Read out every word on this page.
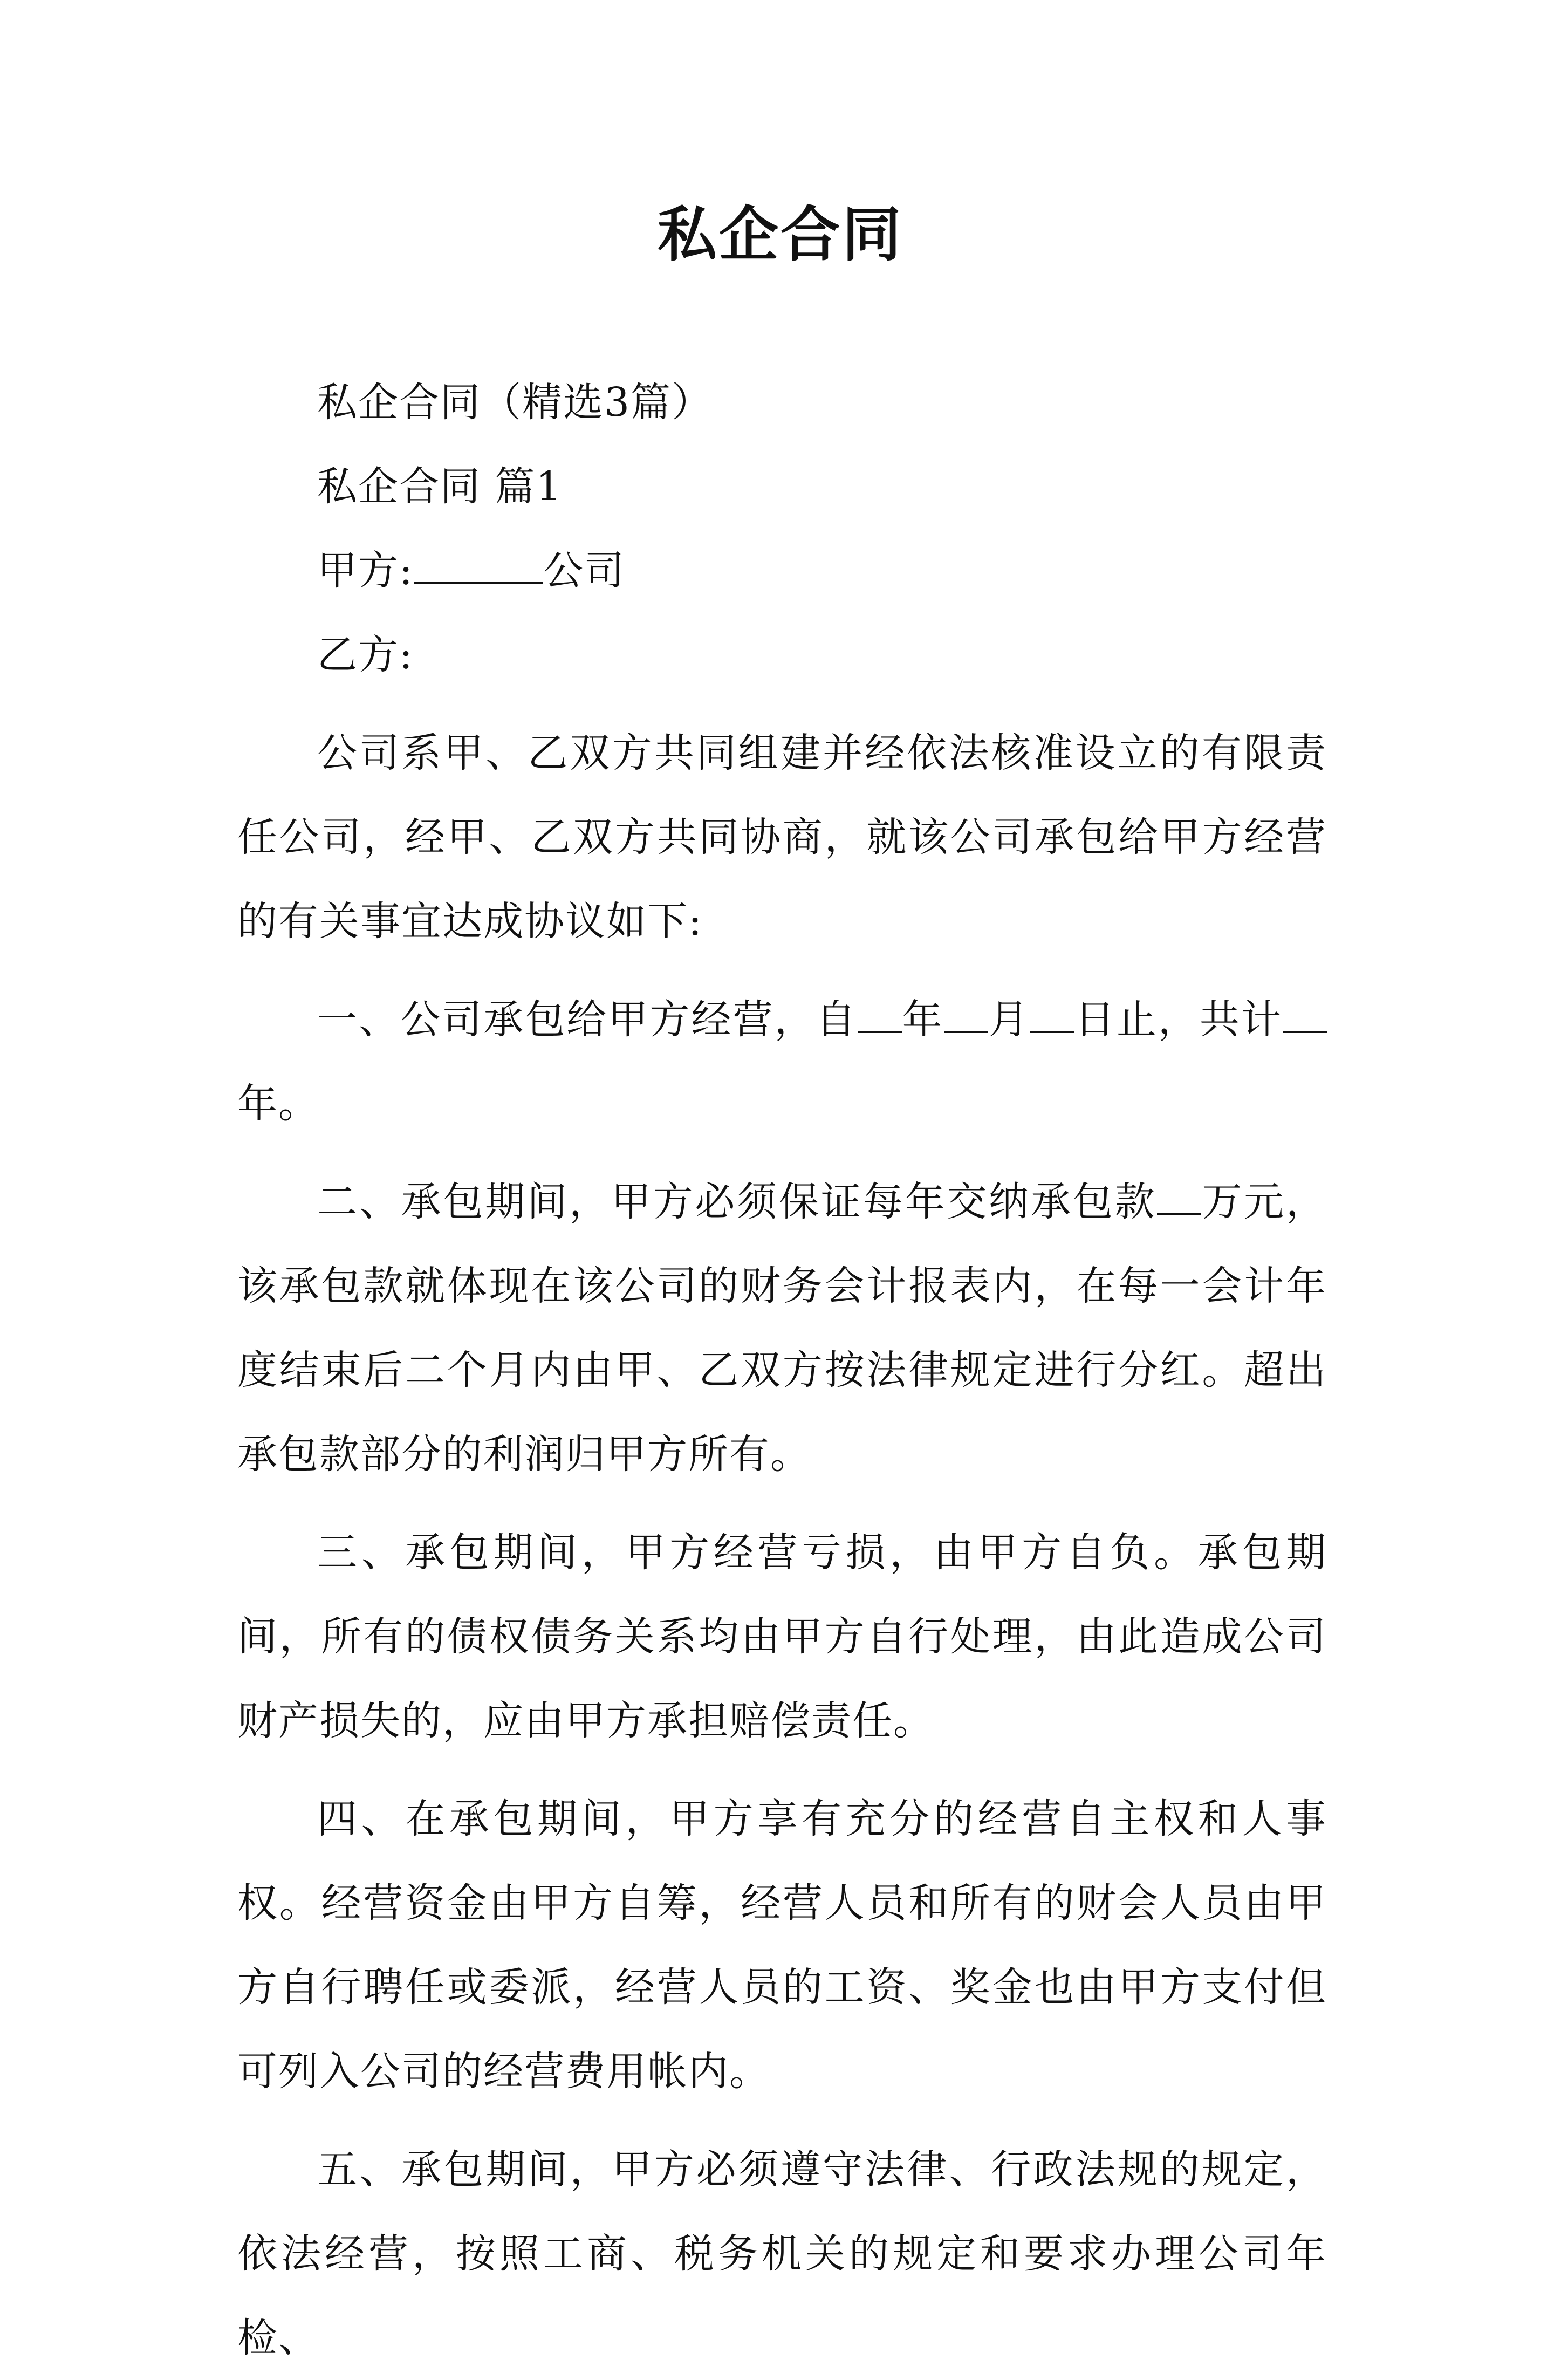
私企合同

私企合同（精选3篇）

私企合同 篇1

甲方:	公司

乙方:

公司系甲、乙双方共同组建并经依法核准设立的有限责任公司，经甲、乙双方共同协商，就该公司承包给甲方经营的有关事宜达成协议如下:

一、公司承包给甲方经营，自 年 月 日止，共计年。

二、承包期间，甲方必须保证每年交纳承包款 万元，该承包款就体现在该公司的财务会计报表内，在每一会计年度结束后二个月内由甲、乙双方按法律规定进行分红。超出承包款部分的利润归甲方所有。

三、承包期间，甲方经营亏损，由甲方自负。承包期间，所有的债权债务关系均由甲方自行处理，由此造成公司财产损失的，应由甲方承担赔偿责任。

四、在承包期间，甲方享有充分的经营自主权和人事权。经营资金由甲方自筹，经营人员和所有的财会人员由甲方自行聘任或委派，经营人员的工资、奖金也由甲方支付但可列入公司的经营费用帐内。

五、承包期间，甲方必须遵守法律、行政法规的规定，依法经营，按照工商、税务机关的规定和要求办理公司年检、
